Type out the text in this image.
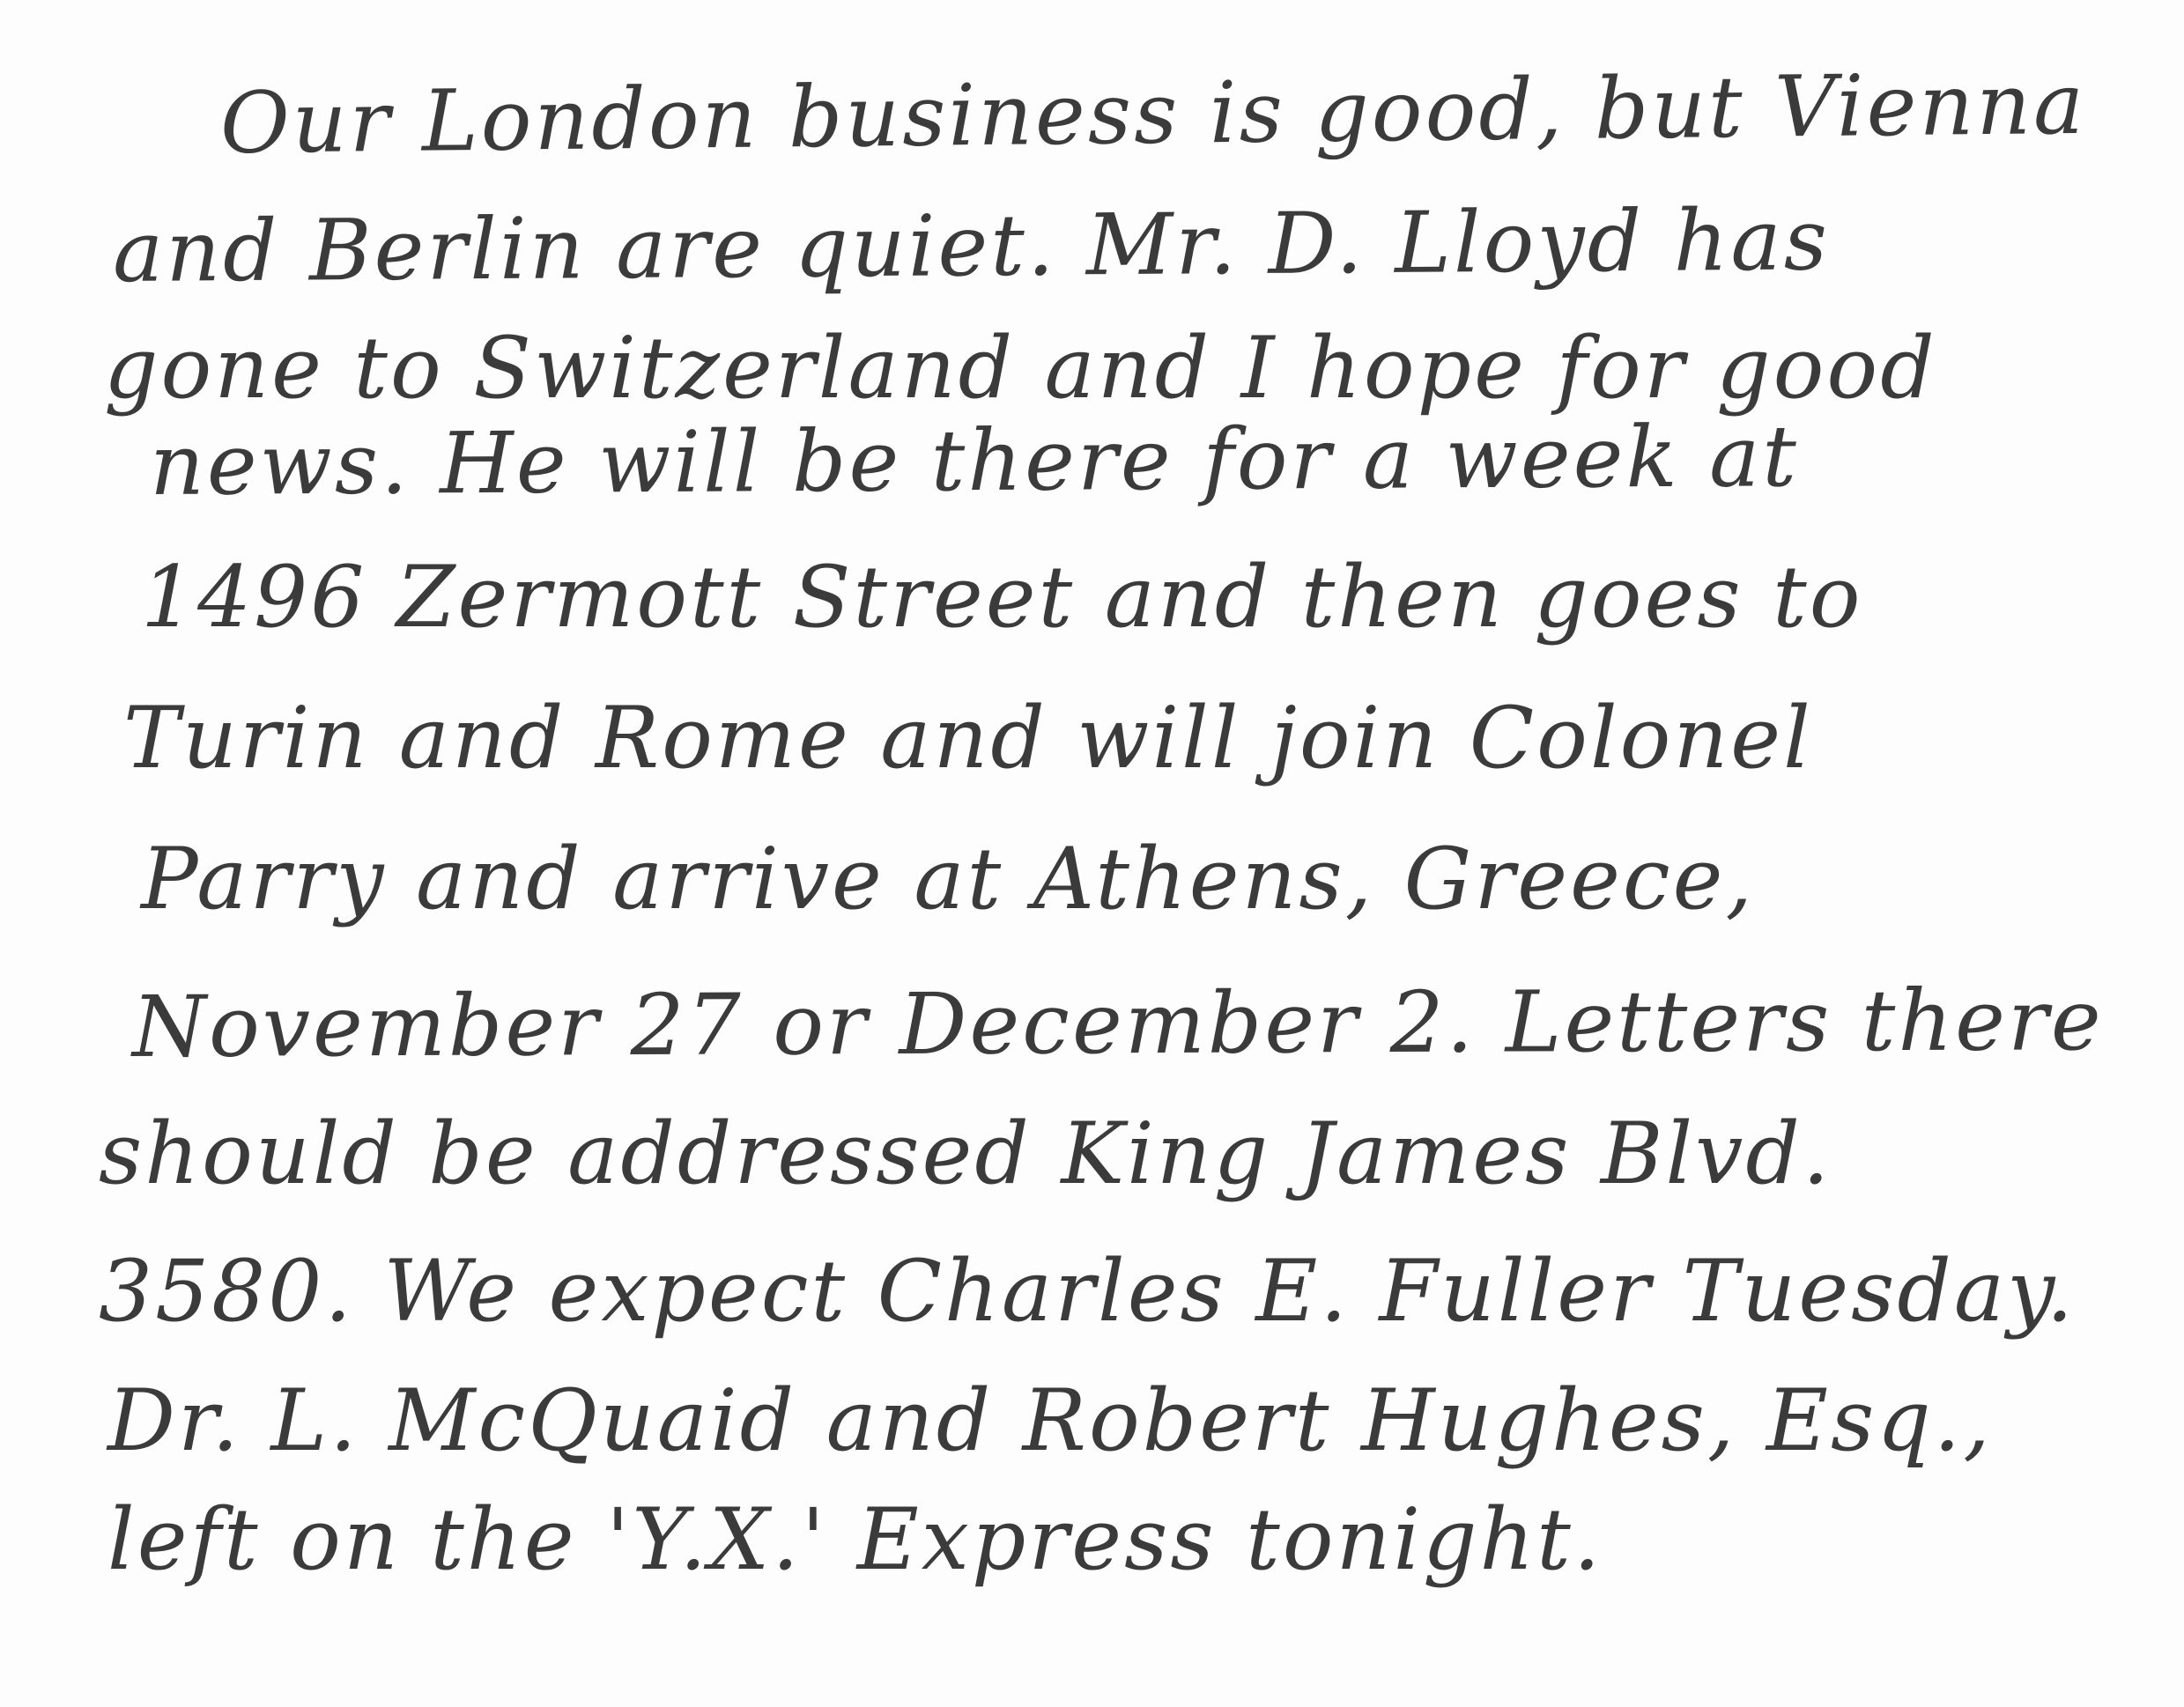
Our London business is good, but Vienna
and Berlin are quiet. Mr. D. Lloyd has
gone to Switzerland and I hope for good
news. He will be there for a week at
1496 Zermott Street and then goes to
Turin and Rome and will join Colonel
Parry and arrive at Athens, Greece,
November 27 or December 2. Letters there
should be addressed King James Blvd.
3580. We expect Charles E. Fuller Tuesday.
Dr. L. McQuaid and Robert Hughes, Esq.,
left on the 'Y.X.' Express tonight.
